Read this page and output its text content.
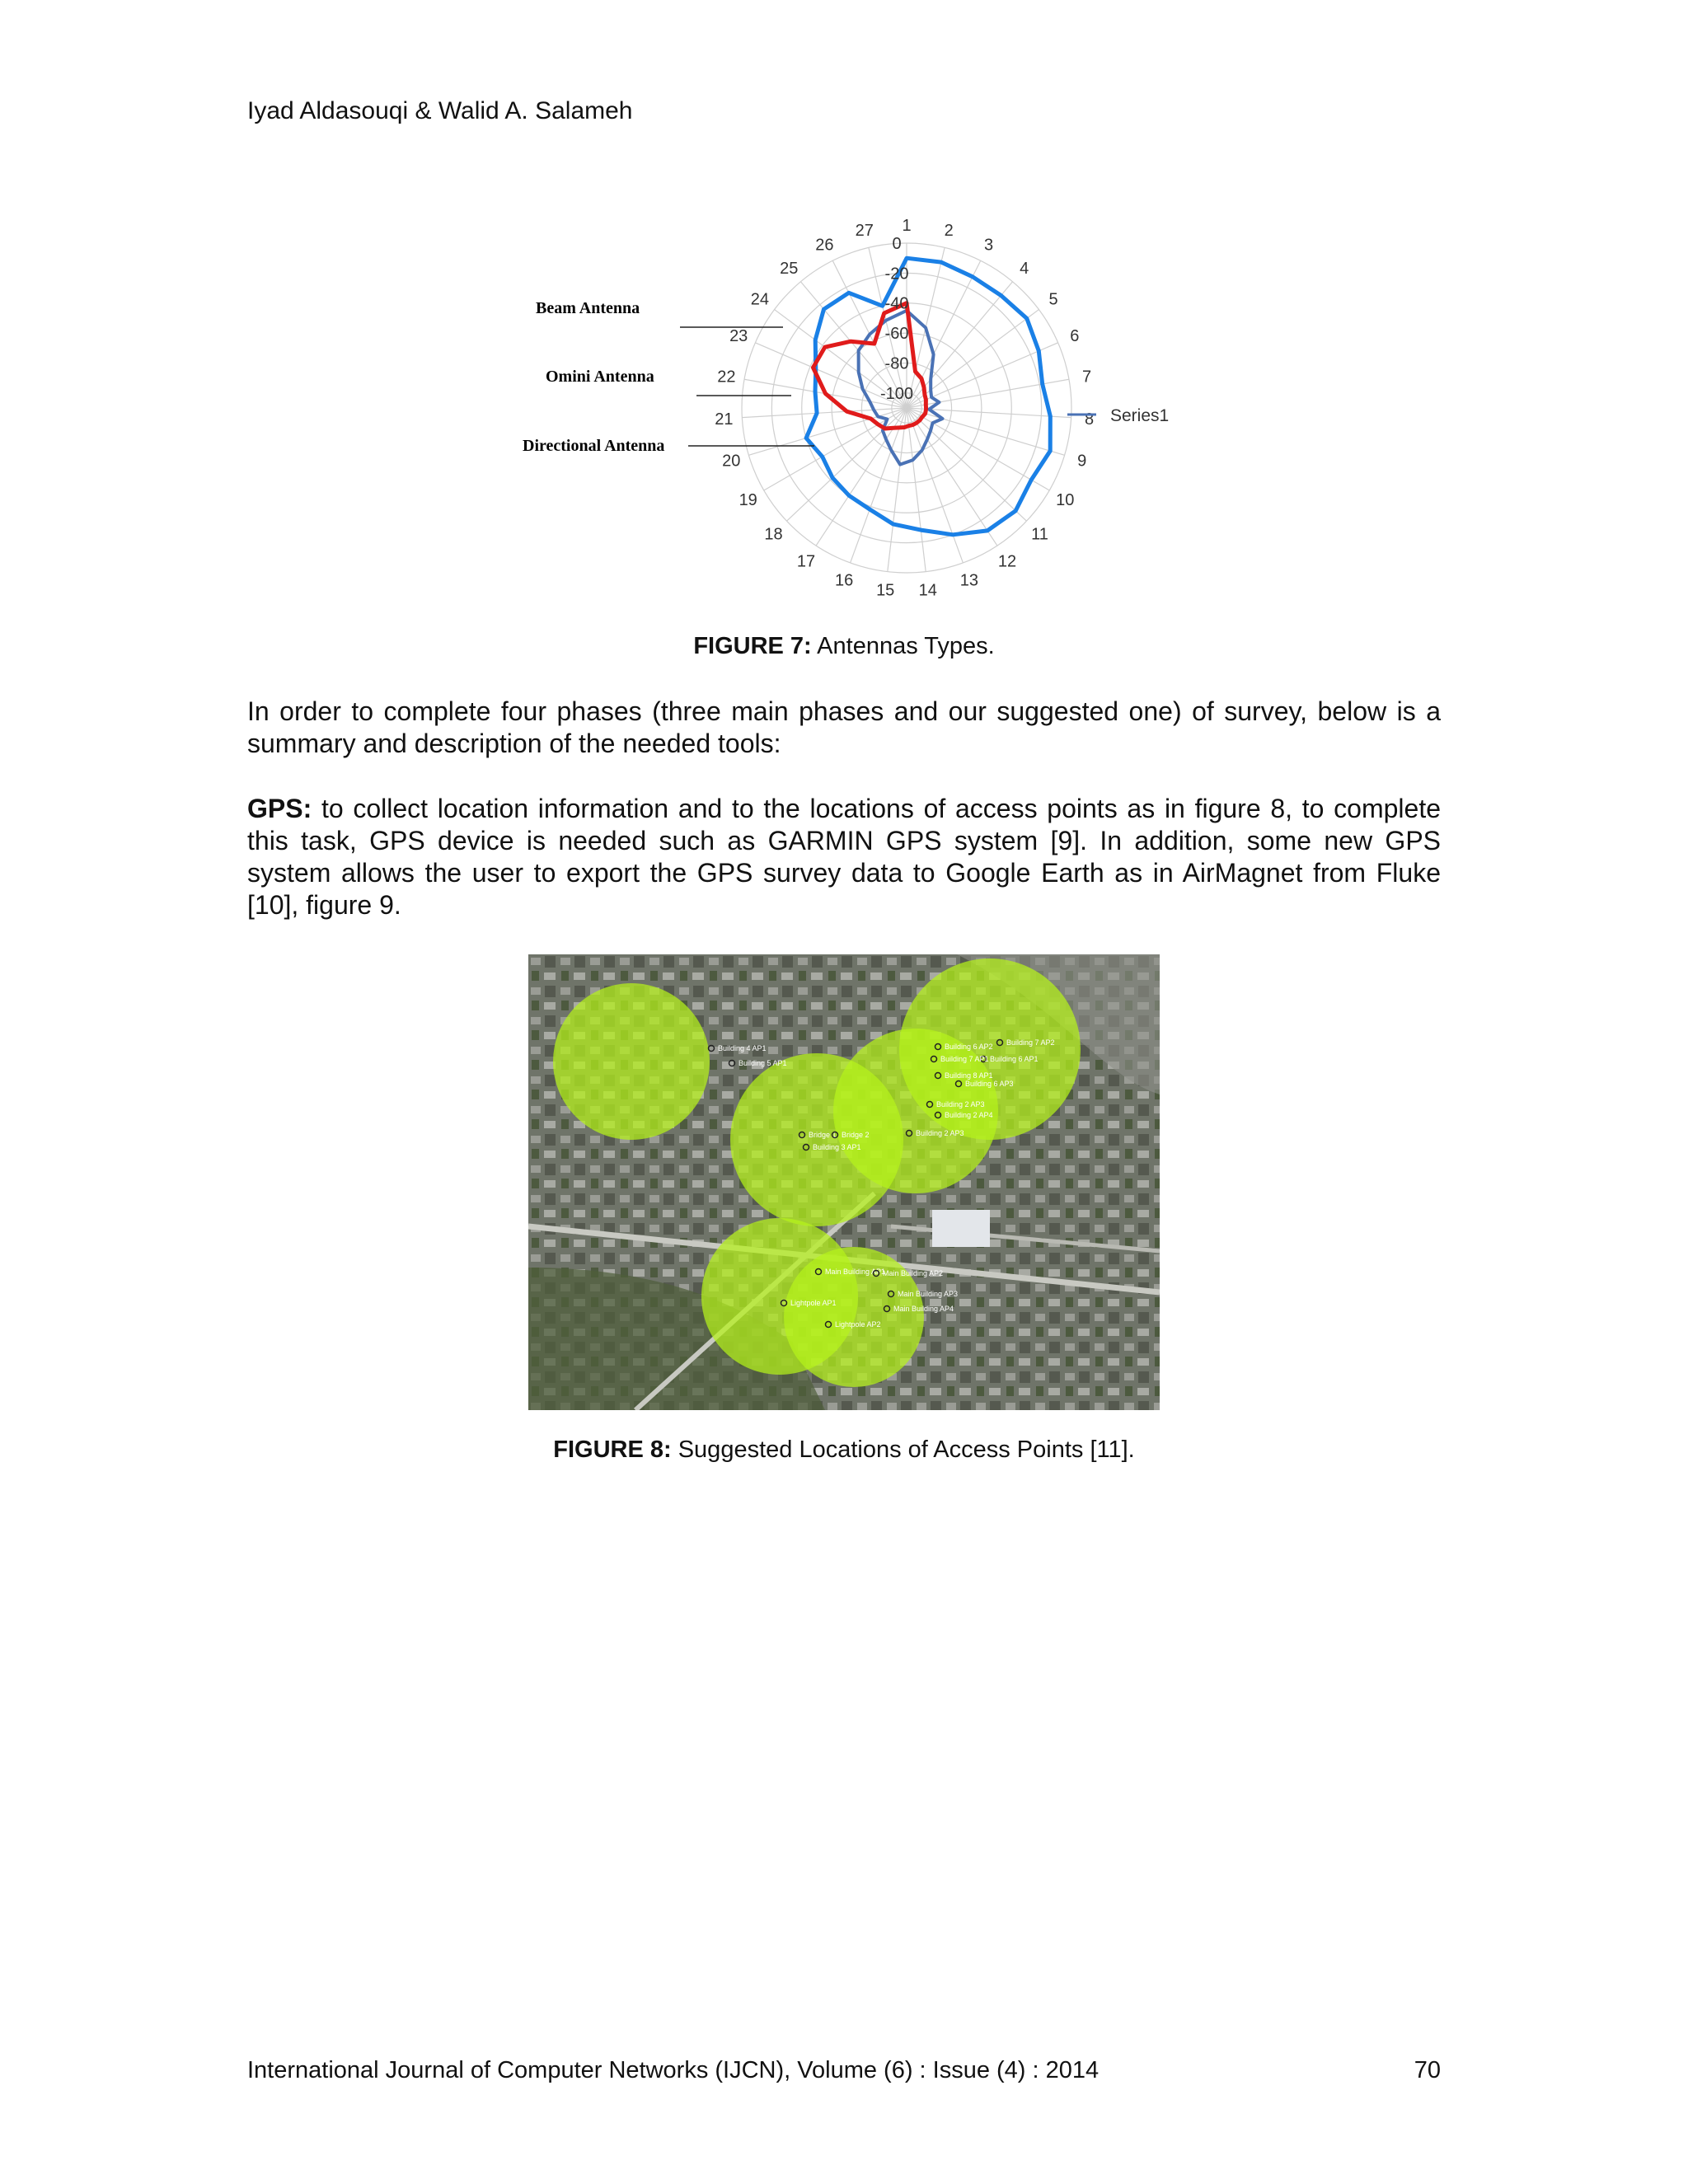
Iyad Aldasouqi & Walid A. Salameh
1 2
3
4
5
6
7
8
9
10
11
12
13
14
15
16
17
18
19
20
21
22
23
24
25
26
27
0
-20
-40
-60
-80
-100
Beam Antenna
Omini Antenna
Directional Antenna
Series1
FIGURE 7: Antennas Types.
In order to complete four phases (three main phases and our suggested one) of survey, below is a summary and description of the needed tools:
GPS: to collect location information and to the locations of access points as in figure 8, to complete this task, GPS device is needed such as GARMIN GPS system [9]. In addition, some new GPS system allows the user to export the GPS survey data to Google Earth as in AirMagnet from Fluke [10], figure 9.
Building 4 AP1
Building 5 AP1
Building 6 AP2 Building 7 AP2
Building 6 AP1
Building 7 AP1
Building 6 AP3
Building 8 AP1
Building 2 AP3
Building 2 AP4
Bridge 1 Bridge 2
Building 3 AP1
Building 2 AP3
Main Building AP1
Main Building AP2
Main Building AP3
Lightpole AP1
Main Building AP4
Lightpole AP2
FIGURE 8: Suggested Locations of Access Points [11].
International Journal of Computer Networks (IJCN), Volume (6) : Issue (4) : 2014	70
